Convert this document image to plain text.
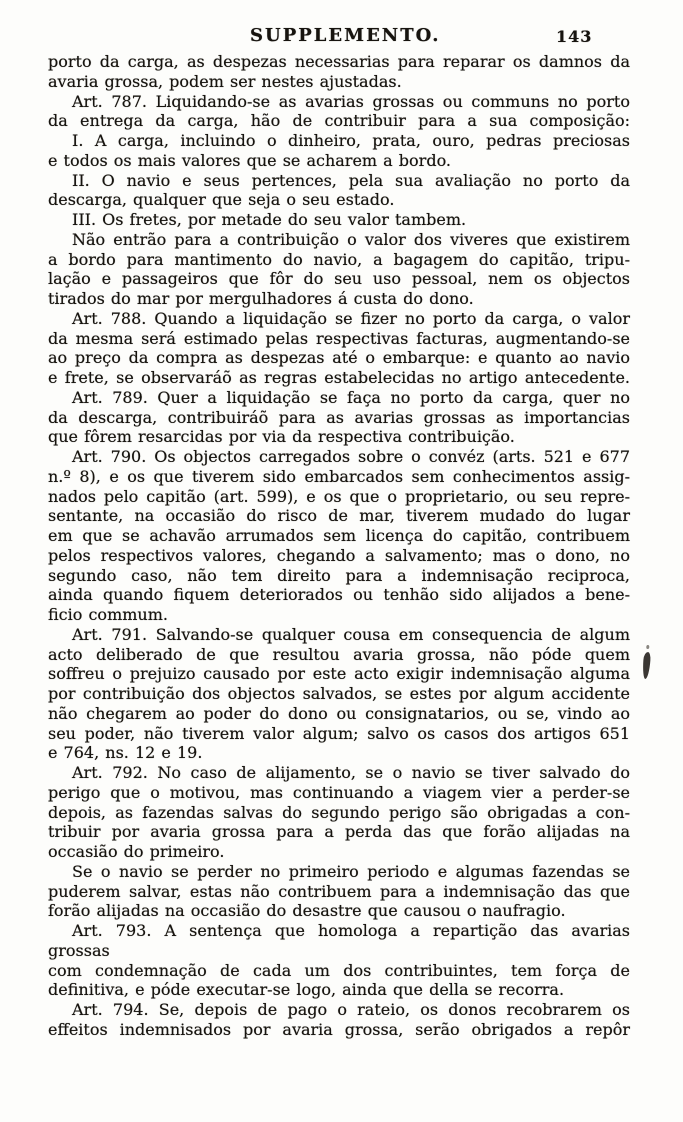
SUPPLEMENTO.	143
porto da carga, as despezas necessarias para reparar os damnos da
avaria grossa, podem ser nestes ajustadas.
Art. 787. Liquidando-se as avarias grossas ou communs no porto
da entrega da carga, hão de contribuir para a sua composição:
I. A carga, incluindo o dinheiro, prata, ouro, pedras preciosas
e todos os mais valores que se acharem a bordo.
II. O navio e seus pertences, pela sua avaliação no porto da
descarga, qualquer que seja o seu estado.
III. Os fretes, por metade do seu valor tambem.
Não entrão para a contribuição o valor dos viveres que existirem
a bordo para mantimento do navio, a bagagem do capitão, tripu-
lação e passageiros que fôr do seu uso pessoal, nem os objectos
tirados do mar por mergulhadores á custa do dono.
Art. 788. Quando a liquidação se fizer no porto da carga, o valor
da mesma será estimado pelas respectivas facturas, augmentando-se
ao preço da compra as despezas até o embarque: e quanto ao navio
e frete, se observaráõ as regras estabelecidas no artigo antecedente.
Art. 789. Quer a liquidação se faça no porto da carga, quer no
da descarga, contribuiráõ para as avarias grossas as importancias
que fôrem resarcidas por via da respectiva contribuição.
Art. 790. Os objectos carregados sobre o convéz (arts. 521 e 677
n.º 8), e os que tiverem sido embarcados sem conhecimentos assig-
nados pelo capitão (art. 599), e os que o proprietario, ou seu repre-
sentante, na occasião do risco de mar, tiverem mudado do lugar
em que se achavão arrumados sem licença do capitão, contribuem
pelos respectivos valores, chegando a salvamento; mas o dono, no
segundo caso, não tem direito para a indemnisação reciproca,
ainda quando fiquem deteriorados ou tenhão sido alijados a bene-
ficio commum.
Art. 791. Salvando-se qualquer cousa em consequencia de algum
acto deliberado de que resultou avaria grossa, não póde quem
soffreu o prejuizo causado por este acto exigir indemnisação alguma
por contribuição dos objectos salvados, se estes por algum accidente
não chegarem ao poder do dono ou consignatarios, ou se, vindo ao
seu poder, não tiverem valor algum; salvo os casos dos artigos 651
e 764, ns. 12 e 19.
Art. 792. No caso de alijamento, se o navio se tiver salvado do
perigo que o motivou, mas continuando a viagem vier a perder-se
depois, as fazendas salvas do segundo perigo são obrigadas a con-
tribuir por avaria grossa para a perda das que forão alijadas na
occasião do primeiro.
Se o navio se perder no primeiro periodo e algumas fazendas se
puderem salvar, estas não contribuem para a indemnisação das que
forão alijadas na occasião do desastre que causou o naufragio.
Art. 793. A sentença que homologa a repartição das avarias grossas
com condemnação de cada um dos contribuintes, tem força de
definitiva, e póde executar-se logo, ainda que della se recorra.
Art. 794. Se, depois de pago o rateio, os donos recobrarem os
effeitos indemnisados por avaria grossa, serão obrigados a repôr
